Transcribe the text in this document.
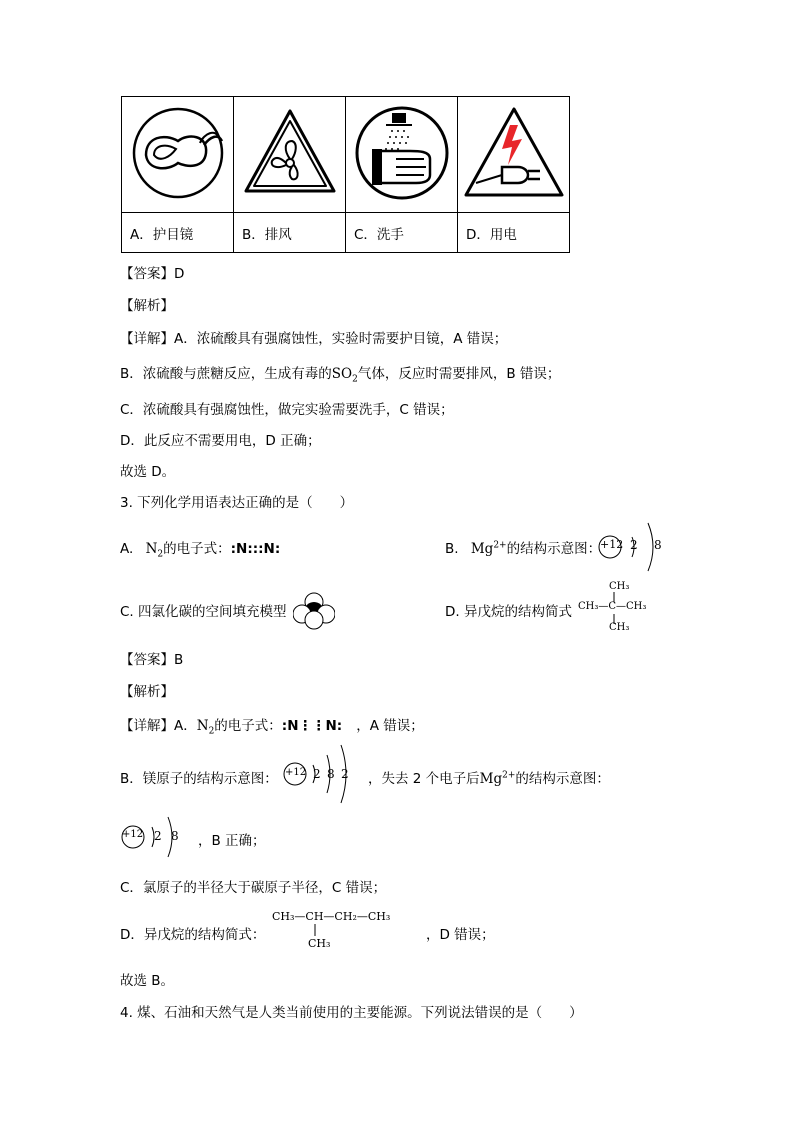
A．护目镜	B．排风	C．洗手	D．用电
【答案】D
【解析】
【详解】A．浓硫酸具有强腐蚀性，实验时需要护目镜，A 错误；
B．浓硫酸与蔗糖反应，生成有毒的$SO_2$气体，反应时需要排风，B 错误；
C．浓硫酸具有强腐蚀性，做完实验需要洗手，C 错误；
D．此反应不需要用电，D 正确；
故选 D。
3. 下列化学用语表达正确的是（　　）
A. $N_2$的电子式：:N:::N:	B. $Mg^{2+}$的结构示意图：
+12 2 8
C. 四氯化碳的空间填充模型	D. 异戊烷的结构简式
CH₃
CH₃—C—CH₃
CH₃
【答案】B
【解析】
【详解】A．$N_2$的电子式：:N⋮⋮N: ，A 错误；
B．镁原子的结构示意图： +12 2 8 2 ，失去 2 个电子后$Mg^{2+}$的结构示意图：
+12 2 8 ，B 正确；
C．氯原子的半径大于碳原子半径，C 错误；
D．异戊烷的结构简式：
CH₃—CH—CH₂—CH₃
CH₃
，D 错误；
故选 B。
4. 煤、石油和天然气是人类当前使用的主要能源。下列说法错误的是（　　）
